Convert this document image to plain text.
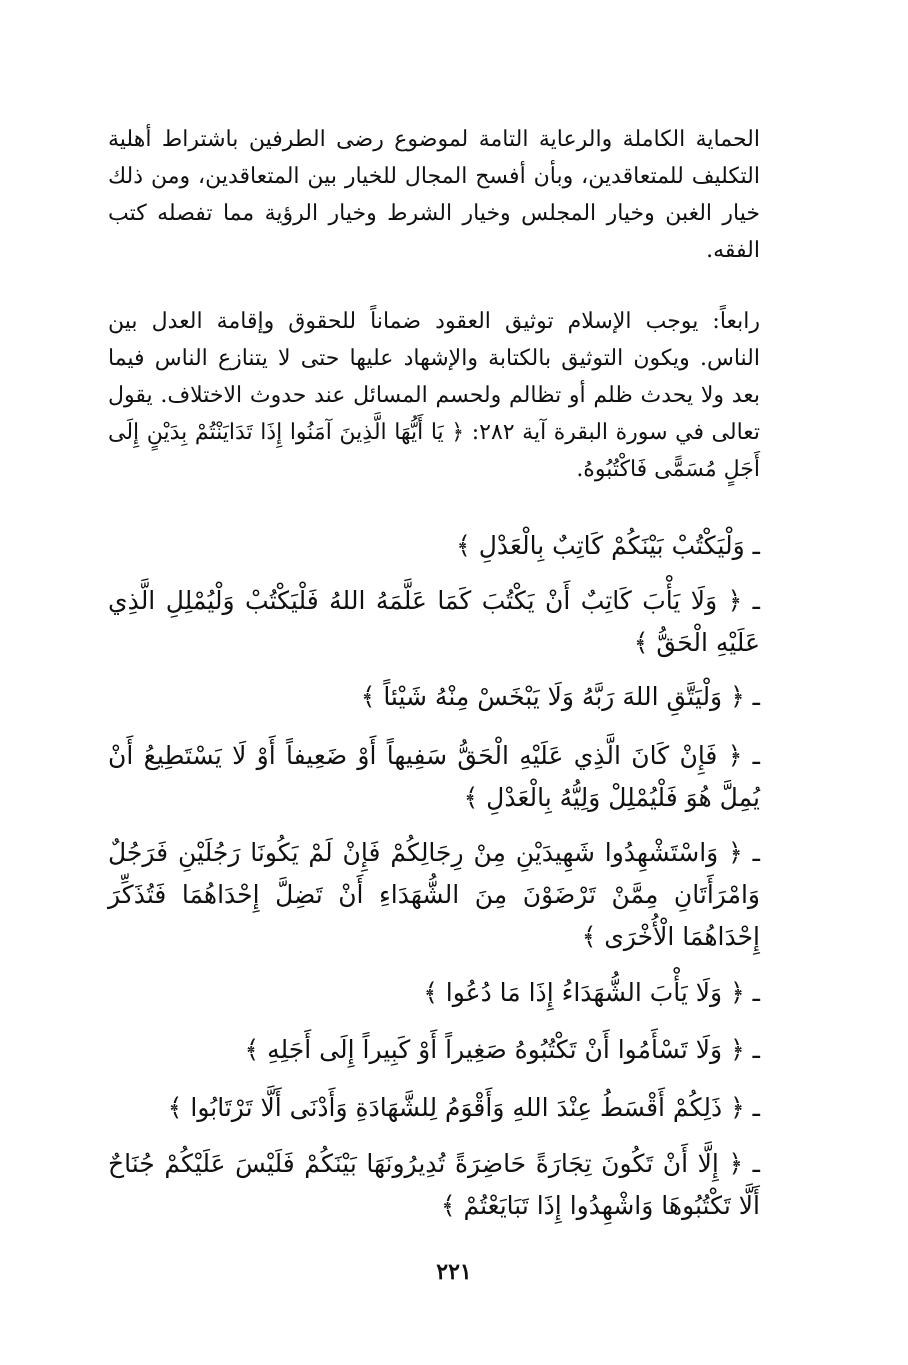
الحماية الكاملة والرعاية التامة لموضوع رضى الطرفين باشتراط أهلية التكليف للمتعاقدين، وبأن أفسح المجال للخيار بين المتعاقدين، ومن ذلك خيار الغبن وخيار المجلس وخيار الشرط وخيار الرؤية مما تفصله كتب الفقه.

رابعاً: يوجب الإسلام توثيق العقود ضماناً للحقوق وإقامة العدل بين الناس. ويكون التوثيق بالكتابة والإشهاد عليها حتى لا يتنازع الناس فيما بعد ولا يحدث ظلم أو تظالم ولحسم المسائل عند حدوث الاختلاف. يقول تعالى في سورة البقرة آية ٢٨٢: ﴿ يَا أَيُّهَا الَّذِينَ آمَنُوا إِذَا تَدَايَنْتُمْ بِدَيْنٍ إِلَى أَجَلٍ مُسَمًّى فَاكْتُبُوهُ.

ـ وَلْيَكْتُبْ بَيْنَكُمْ كَاتِبٌ بِالْعَدْلِ ﴾

ـ ﴿ وَلَا يَأْبَ كَاتِبٌ أَنْ يَكْتُبَ كَمَا عَلَّمَهُ اللهُ فَلْيَكْتُبْ وَلْيُمْلِلِ الَّذِي عَلَيْهِ الْحَقُّ ﴾

ـ ﴿ وَلْيَتَّقِ اللهَ رَبَّهُ وَلَا يَبْخَسْ مِنْهُ شَيْئاً ﴾

ـ ﴿ فَإِنْ كَانَ الَّذِي عَلَيْهِ الْحَقُّ سَفِيهاً أَوْ ضَعِيفاً أَوْ لَا يَسْتَطِيعُ أَنْ يُمِلَّ هُوَ فَلْيُمْلِلْ وَلِيُّهُ بِالْعَدْلِ ﴾

ـ ﴿ وَاسْتَشْهِدُوا شَهِيدَيْنِ مِنْ رِجَالِكُمْ فَإِنْ لَمْ يَكُونَا رَجُلَيْنِ فَرَجُلٌ وَامْرَأَتَانِ مِمَّنْ تَرْضَوْنَ مِنَ الشُّهَدَاءِ أَنْ تَضِلَّ إِحْدَاهُمَا فَتُذَكِّرَ إِحْدَاهُمَا الْأُخْرَى ﴾

ـ ﴿ وَلَا يَأْبَ الشُّهَدَاءُ إِذَا مَا دُعُوا ﴾

ـ ﴿ وَلَا تَسْأَمُوا أَنْ تَكْتُبُوهُ صَغِيراً أَوْ كَبِيراً إِلَى أَجَلِهِ ﴾

ـ ﴿ ذَلِكُمْ أَقْسَطُ عِنْدَ اللهِ وَأَقْوَمُ لِلشَّهَادَةِ وَأَدْنَى أَلَّا تَرْتَابُوا ﴾

ـ ﴿ إِلَّا أَنْ تَكُونَ تِجَارَةً حَاضِرَةً تُدِيرُونَهَا بَيْنَكُمْ فَلَيْسَ عَلَيْكُمْ جُنَاحٌ أَلَّا تَكْتُبُوهَا وَاشْهِدُوا إِذَا تَبَايَعْتُمْ ﴾

٢٢١
